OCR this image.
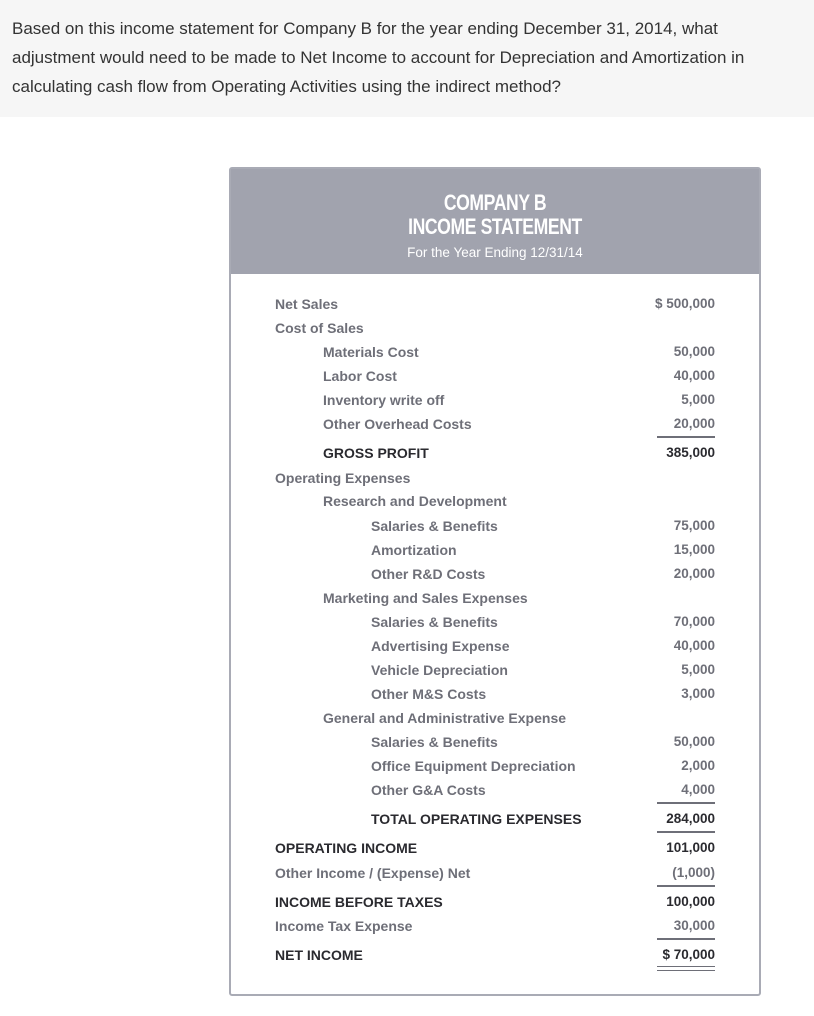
Based on this income statement for Company B for the year ending December 31, 2014, what adjustment would need to be made to Net Income to account for Depreciation and Amortization in calculating cash flow from Operating Activities using the indirect method?
COMPANY B
INCOME STATEMENT
For the Year Ending 12/31/14
Net Sales	$ 500,000
Cost of Sales
Materials Cost	50,000
Labor Cost	40,000
Inventory write off	5,000
Other Overhead Costs	20,000
GROSS PROFIT	385,000
Operating Expenses
Research and Development
Salaries & Benefits	75,000
Amortization	15,000
Other R&D Costs	20,000
Marketing and Sales Expenses
Salaries & Benefits	70,000
Advertising Expense	40,000
Vehicle Depreciation	5,000
Other M&S Costs	3,000
General and Administrative Expense
Salaries & Benefits	50,000
Office Equipment Depreciation	2,000
Other G&A Costs	4,000
TOTAL OPERATING EXPENSES	284,000
OPERATING INCOME	101,000
Other Income / (Expense) Net	(1,000)
INCOME BEFORE TAXES	100,000
Income Tax Expense	30,000
NET INCOME	$ 70,000
